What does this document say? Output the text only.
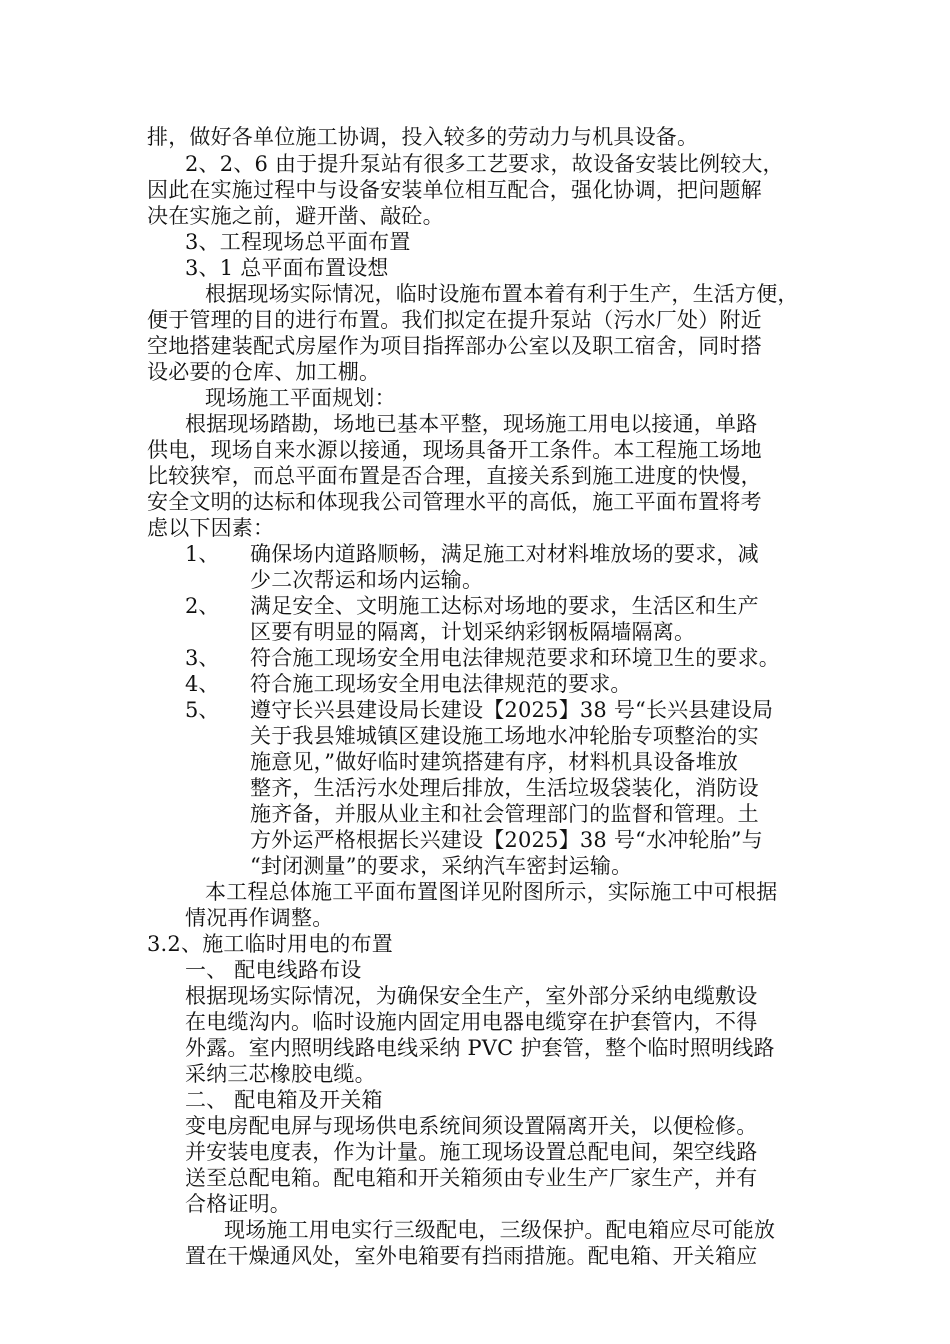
排，做好各单位施工协调，投入较多的劳动力与机具设备。
2、2、6 由于提升泵站有很多工艺要求，故设备安装比例较大，
因此在实施过程中与设备安装单位相互配合，强化协调，把问题解
决在实施之前，避开凿、敲砼。
3、工程现场总平面布置
3、1 总平面布置设想
根据现场实际情况，临时设施布置本着有利于生产，生活方便，
便于管理的目的进行布置。我们拟定在提升泵站（污水厂处）附近
空地搭建装配式房屋作为项目指挥部办公室以及职工宿舍，同时搭
设必要的仓库、加工棚。
现场施工平面规划：
根据现场踏勘，场地已基本平整，现场施工用电以接通，单路
供电，现场自来水源以接通，现场具备开工条件。本工程施工场地
比较狭窄，而总平面布置是否合理，直接关系到施工进度的快慢，
安全文明的达标和体现我公司管理水平的高低，施工平面布置将考
虑以下因素：
1、 确保场内道路顺畅，满足施工对材料堆放场的要求，减
少二次帮运和场内运输。
2、 满足安全、文明施工达标对场地的要求，生活区和生产
区要有明显的隔离，计划采纳彩钢板隔墙隔离。
3、 符合施工现场安全用电法律规范要求和环境卫生的要求。
4、 符合施工现场安全用电法律规范的要求。
5、 遵守长兴县建设局长建设【2025】38 号“长兴县建设局
关于我县雉城镇区建设施工场地水冲轮胎专项整治的实
施意见，”做好临时建筑搭建有序，材料机具设备堆放
整齐，生活污水处理后排放，生活垃圾袋装化，消防设
施齐备，并服从业主和社会管理部门的监督和管理。土
方外运严格根据长兴建设【2025】38 号“水冲轮胎”与
“封闭测量”的要求，采纳汽车密封运输。
本工程总体施工平面布置图详见附图所示，实际施工中可根据
情况再作调整。
3.2、施工临时用电的布置
一、 配电线路布设
根据现场实际情况，为确保安全生产，室外部分采纳电缆敷设
在电缆沟内。临时设施内固定用电器电缆穿在护套管内，不得
外露。室内照明线路电线采纳 PVC 护套管，整个临时照明线路
采纳三芯橡胶电缆。
二、 配电箱及开关箱
变电房配电屏与现场供电系统间须设置隔离开关，以便检修。
并安装电度表，作为计量。施工现场设置总配电间，架空线路
送至总配电箱。配电箱和开关箱须由专业生产厂家生产，并有
合格证明。
现场施工用电实行三级配电，三级保护。配电箱应尽可能放
置在干燥通风处，室外电箱要有挡雨措施。配电箱、开关箱应
